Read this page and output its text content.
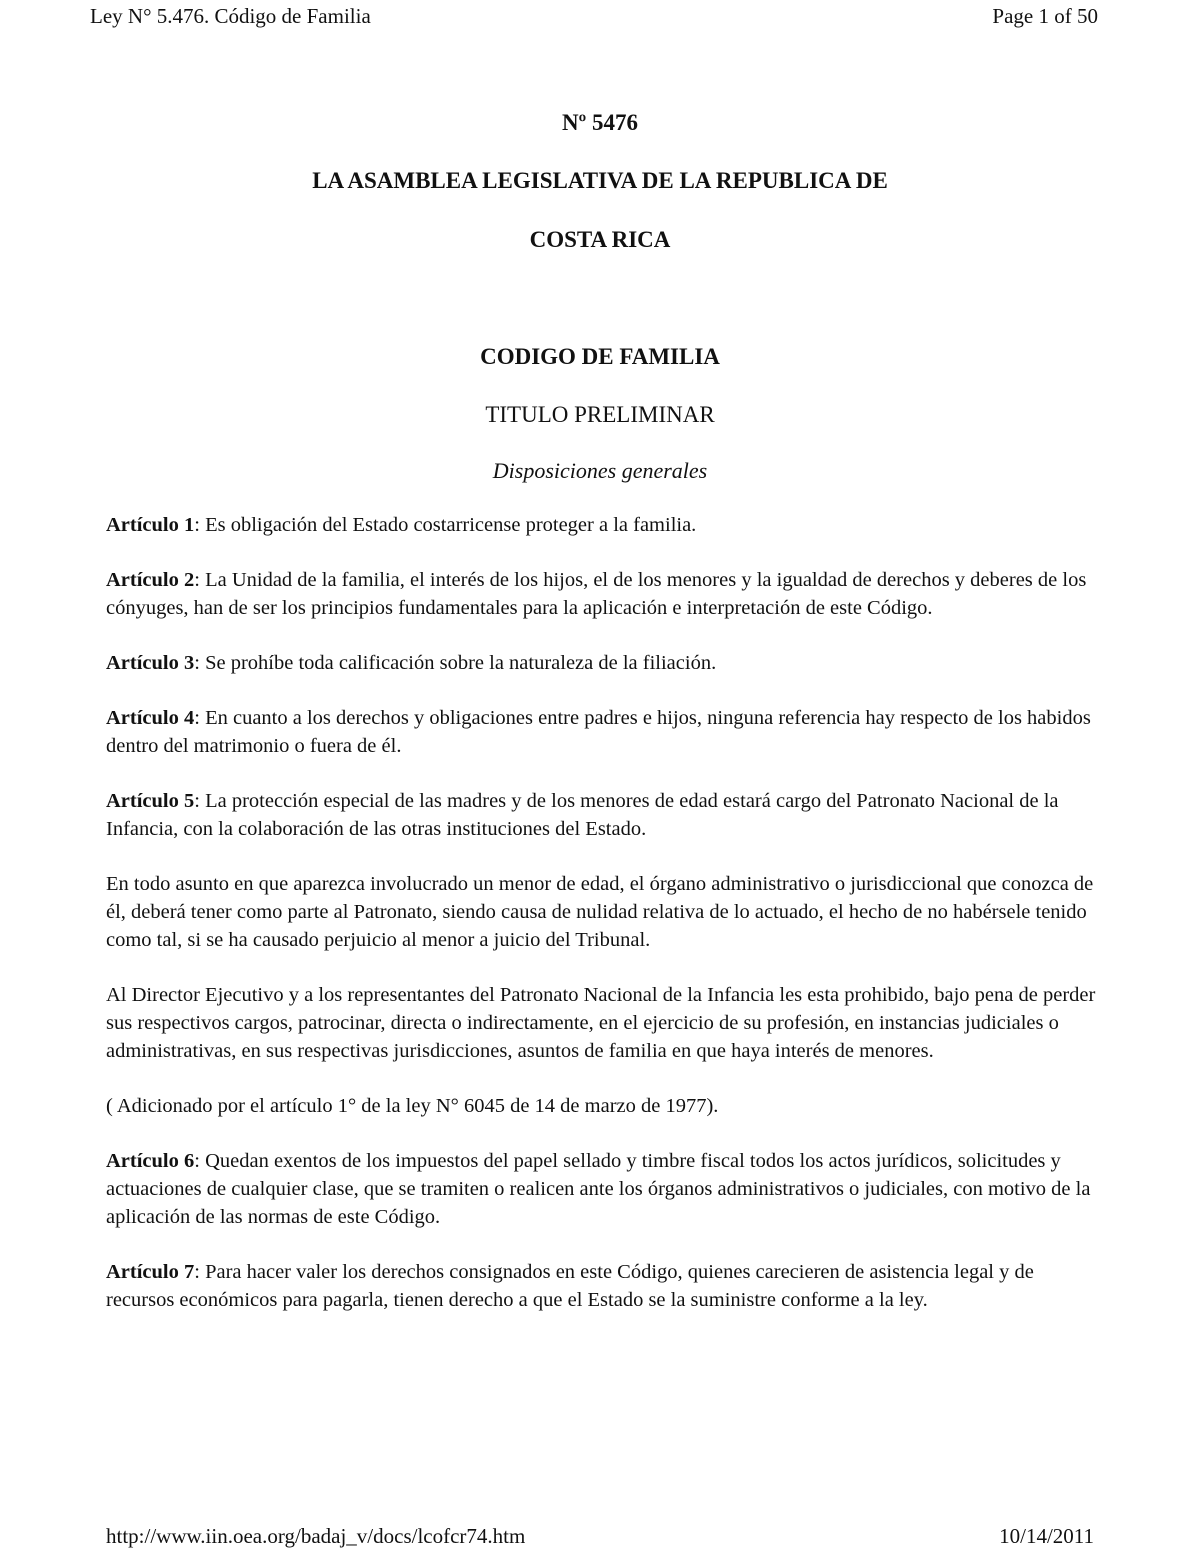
Ley N° 5.476. Código de Familia	Page 1 of 50
Nº 5476
LA ASAMBLEA LEGISLATIVA DE LA REPUBLICA DE
COSTA RICA
CODIGO DE FAMILIA
TITULO PRELIMINAR
Disposiciones generales

Artículo 1: Es obligación del Estado costarricense proteger a la familia.

Artículo 2: La Unidad de la familia, el interés de los hijos, el de los menores y la igualdad de derechos y deberes de los cónyuges, han de ser los principios fundamentales para la aplicación e interpretación de este Código.

Artículo 3: Se prohíbe toda calificación sobre la naturaleza de la filiación.

Artículo 4: En cuanto a los derechos y obligaciones entre padres e hijos, ninguna referencia hay respecto de los habidos dentro del matrimonio o fuera de él.

Artículo 5: La protección especial de las madres y de los menores de edad estará cargo del Patronato Nacional de la Infancia, con la colaboración de las otras instituciones del Estado.

En todo asunto en que aparezca involucrado un menor de edad, el órgano administrativo o jurisdiccional que conozca de él, deberá tener como parte al Patronato, siendo causa de nulidad relativa de lo actuado, el hecho de no habérsele tenido como tal, si se ha causado perjuicio al menor a juicio del Tribunal.

Al Director Ejecutivo y a los representantes del Patronato Nacional de la Infancia les esta prohibido, bajo pena de perder sus respectivos cargos, patrocinar, directa o indirectamente, en el ejercicio de su profesión, en instancias judiciales o administrativas, en sus respectivas jurisdicciones, asuntos de familia en que haya interés de menores.

( Adicionado por el artículo 1° de la ley N° 6045 de 14 de marzo de 1977).

Artículo 6: Quedan exentos de los impuestos del papel sellado y timbre fiscal todos los actos jurídicos, solicitudes y actuaciones de cualquier clase, que se tramiten o realicen ante los órganos administrativos o judiciales, con motivo de la aplicación de las normas de este Código.

Artículo 7: Para hacer valer los derechos consignados en este Código, quienes carecieren de asistencia legal y de recursos económicos para pagarla, tienen derecho a que el Estado se la suministre conforme a la ley.

http://www.iin.oea.org/badaj_v/docs/lcofcr74.htm	10/14/2011
